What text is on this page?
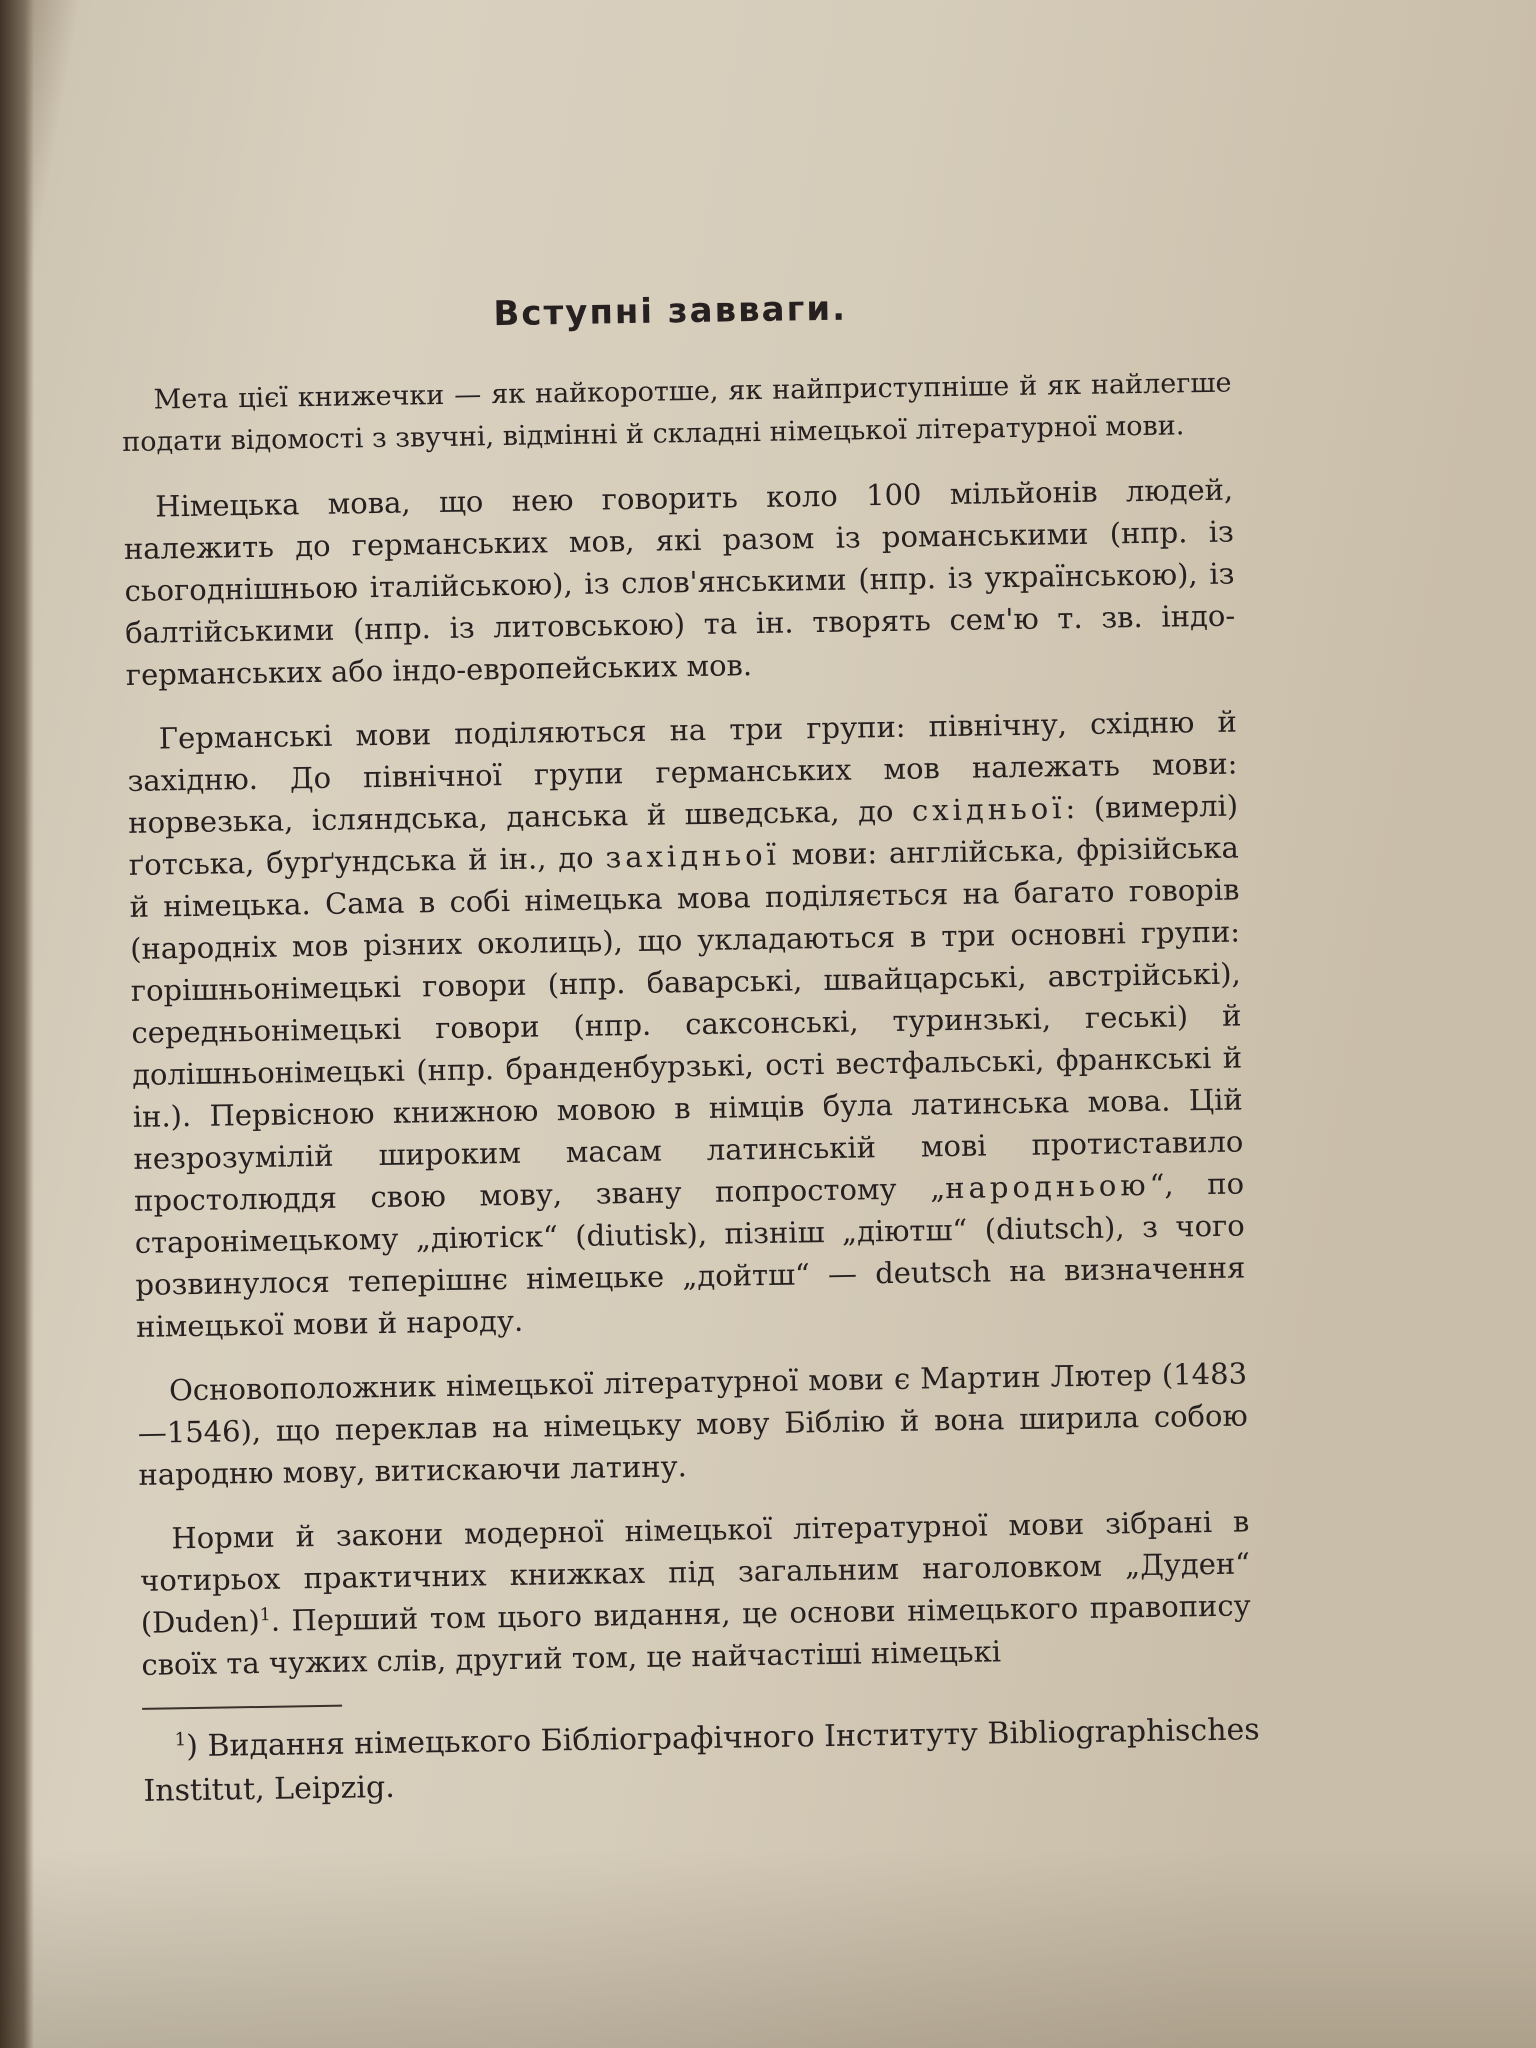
Вступні завваги.

Мета цієї книжечки — як найкоротше, як найприступніше й як найлегше подати відомості з звучні, відмінні й складні німецької літературної мови.

Німецька мова, що нею говорить коло 100 мільйонів людей, належить до германських мов, які разом із романськими (нпр. із сьогоднішньою італійською), із слов'янськими (нпр. із українською), із балтійськими (нпр. із литовською) та ін. творять сем'ю т. зв. індо-германських або індо-европейських мов.

Германські мови поділяються на три групи: північну, східню й західню. До північної групи германських мов належать мови: норвезька, ісляндська, данська й шведська, до східньої: (вимерлі) ґотська, бурґундська й ін., до західньої мови: англійська, фрізійська й німецька. Сама в собі німецька мова поділяється на багато говорів (народніх мов різних околиць), що укладаються в три основні групи: горішньонімецькі говори (нпр. баварські, швайцарські, австрійські), середньонімецькі говори (нпр. саксонські, туринзькі, геські) й долішньонімецькі (нпр. бранденбурзькі, ості вестфальські, франкські й ін.). Первісною книжною мовою в німців була латинська мова. Цій незрозумілій широким масам латинській мові протиставило простолюддя свою мову, звану попростому „народньою“, по старонімецькому „діютіск“ (diutisk), пізніш „діютш“ (diutsch), з чого розвинулося теперішнє німецьке „дойтш“ — deutsch на визначення німецької мови й народу.

Основоположник німецької літературної мови є Мартин Лютер (1483—1546), що переклав на німецьку мову Біблію й вона ширила собою народню мову, витискаючи латину.

Норми й закони модерної німецької літературної мови зібрані в чотирьох практичних книжках під загальним наголовком „Дуден“ (Duden)$^1$. Перший том цього видання, це основи німецького правопису своїх та чужих слів, другий том, це найчастіші німецькі

$^1$) Видання німецького Бібліографічного Інституту Bibliographisches Institut, Leipzig.
